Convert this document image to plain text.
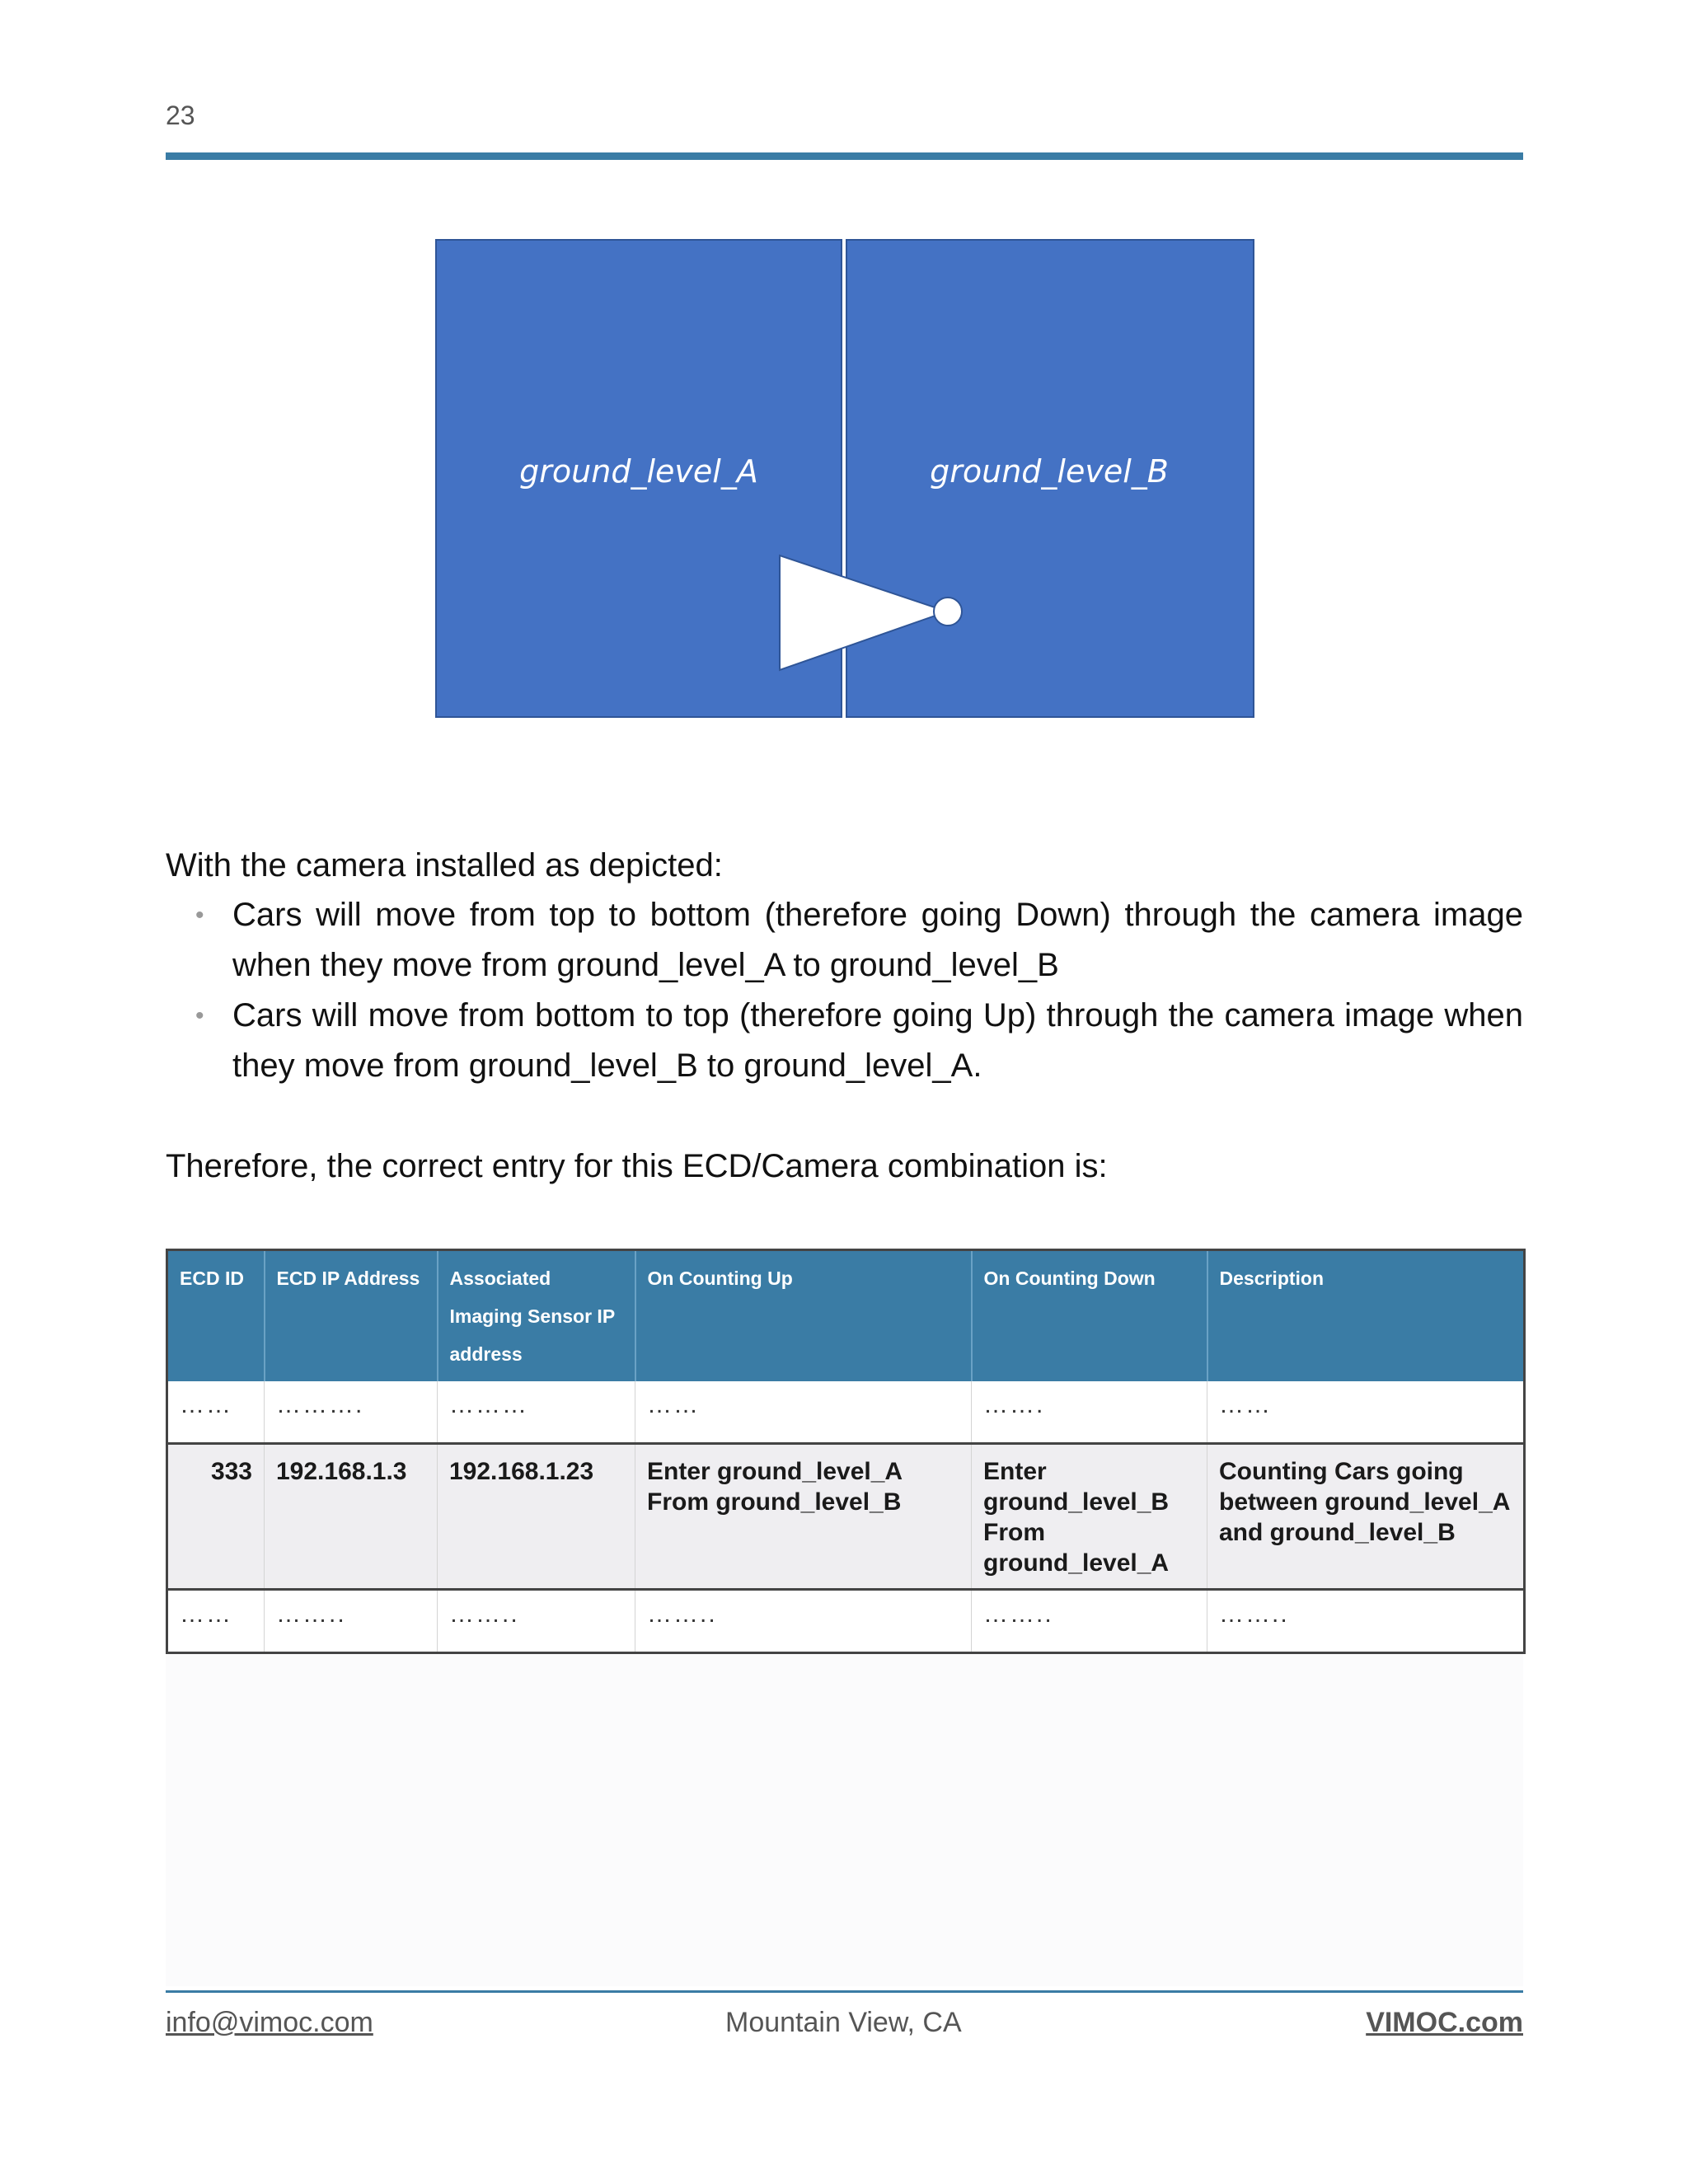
23
ground_level_A	ground_level_B
With the camera installed as depicted:
• Cars will move from top to bottom (therefore going Down) through the camera image when they move from ground_level_A to ground_level_B
• Cars will move from bottom to top (therefore going Up) through the camera image when they move from ground_level_B to ground_level_A.
Therefore, the correct entry for this ECD/Camera combination is:
ECD ID	ECD IP Address	Associated Imaging Sensor IP address	On Counting Up	On Counting Down	Description
……	……….	………	……	…….	……
333	192.168.1.3	192.168.1.23	Enter ground_level_A From ground_level_B	Enter ground_level_B From ground_level_A	Counting Cars going between ground_level_A and ground_level_B
……	……..	……..	……..	……..	……..
info@vimoc.com	Mountain View, CA	VIMOC.com
